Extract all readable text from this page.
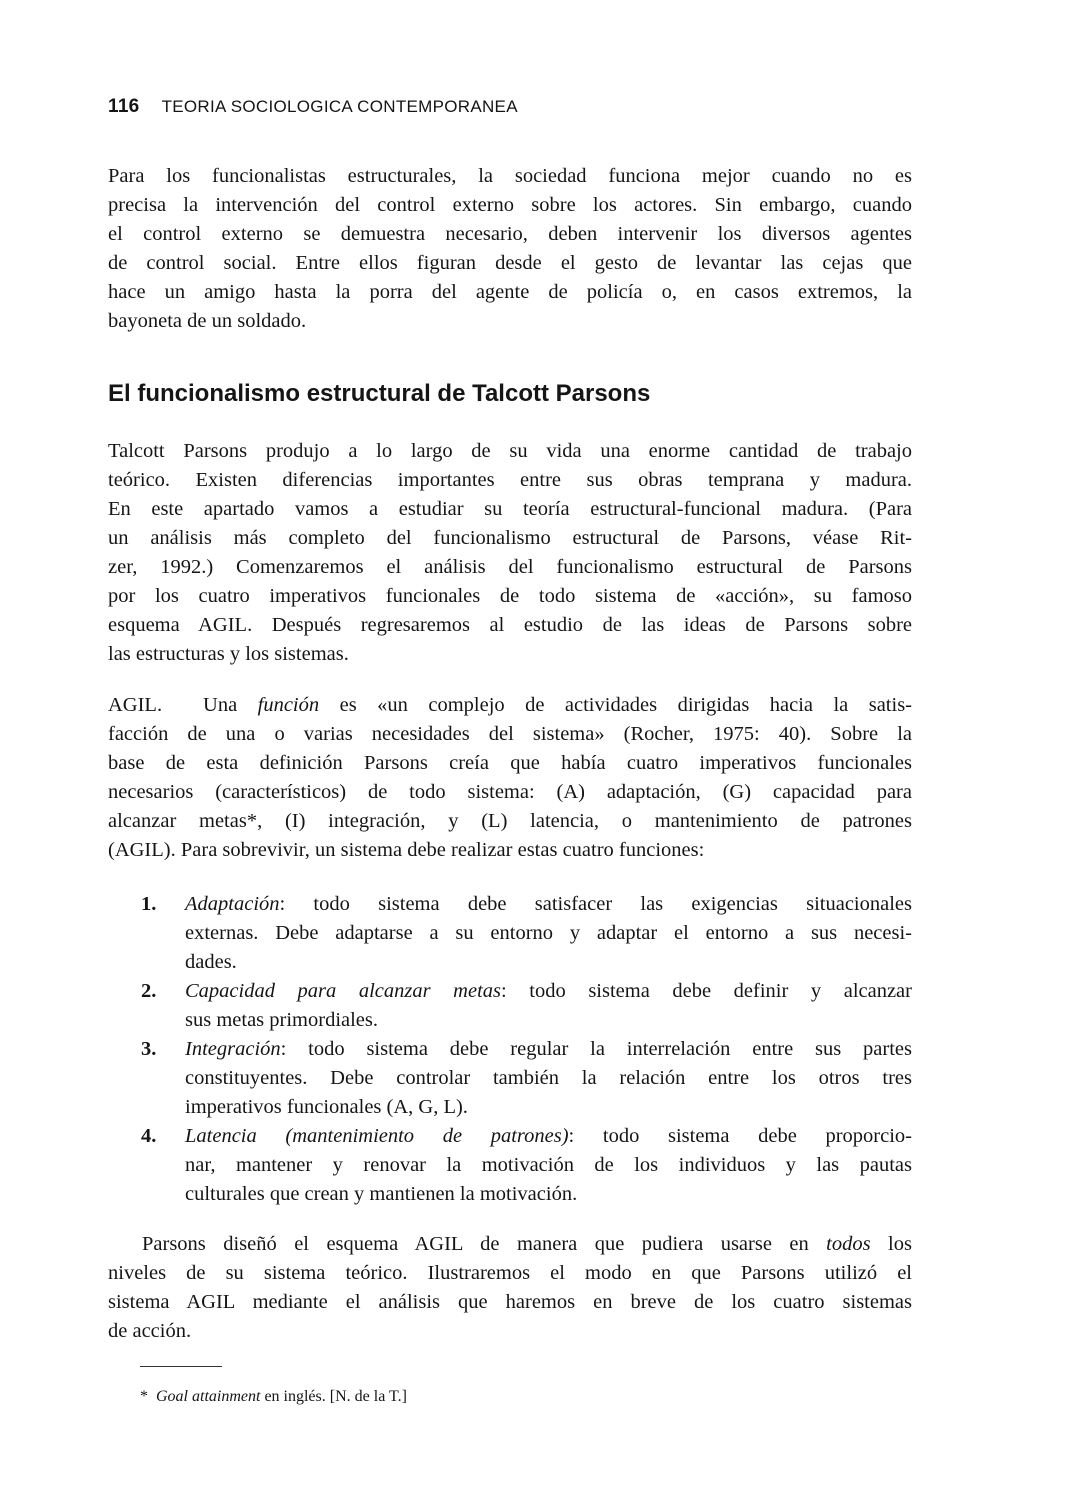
116 TEORIA SOCIOLOGICA CONTEMPORANEA
Para los funcionalistas estructurales, la sociedad funciona mejor cuando no es
precisa la intervención del control externo sobre los actores. Sin embargo, cuando
el control externo se demuestra necesario, deben intervenir los diversos agentes
de control social. Entre ellos figuran desde el gesto de levantar las cejas que
hace un amigo hasta la porra del agente de policía o, en casos extremos, la
bayoneta de un soldado.
El funcionalismo estructural de Talcott Parsons
Talcott Parsons produjo a lo largo de su vida una enorme cantidad de trabajo
teórico. Existen diferencias importantes entre sus obras temprana y madura.
En este apartado vamos a estudiar su teoría estructural-funcional madura. (Para
un análisis más completo del funcionalismo estructural de Parsons, véase Rit-
zer, 1992.) Comenzaremos el análisis del funcionalismo estructural de Parsons
por los cuatro imperativos funcionales de todo sistema de «acción», su famoso
esquema AGIL. Después regresaremos al estudio de las ideas de Parsons sobre
las estructuras y los sistemas.
AGIL. Una función es «un complejo de actividades dirigidas hacia la satis-
facción de una o varias necesidades del sistema» (Rocher, 1975: 40). Sobre la
base de esta definición Parsons creía que había cuatro imperativos funcionales
necesarios (característicos) de todo sistema: (A) adaptación, (G) capacidad para
alcanzar metas*, (I) integración, y (L) latencia, o mantenimiento de patrones
(AGIL). Para sobrevivir, un sistema debe realizar estas cuatro funciones:
1. Adaptación: todo sistema debe satisfacer las exigencias situacionales
externas. Debe adaptarse a su entorno y adaptar el entorno a sus necesi-
dades.
2. Capacidad para alcanzar metas: todo sistema debe definir y alcanzar
sus metas primordiales.
3. Integración: todo sistema debe regular la interrelación entre sus partes
constituyentes. Debe controlar también la relación entre los otros tres
imperativos funcionales (A, G, L).
4. Latencia (mantenimiento de patrones): todo sistema debe proporcio-
nar, mantener y renovar la motivación de los individuos y las pautas
culturales que crean y mantienen la motivación.
Parsons diseñó el esquema AGIL de manera que pudiera usarse en todos los
niveles de su sistema teórico. Ilustraremos el modo en que Parsons utilizó el
sistema AGIL mediante el análisis que haremos en breve de los cuatro sistemas
de acción.
* Goal attainment en inglés. [N. de la T.]
